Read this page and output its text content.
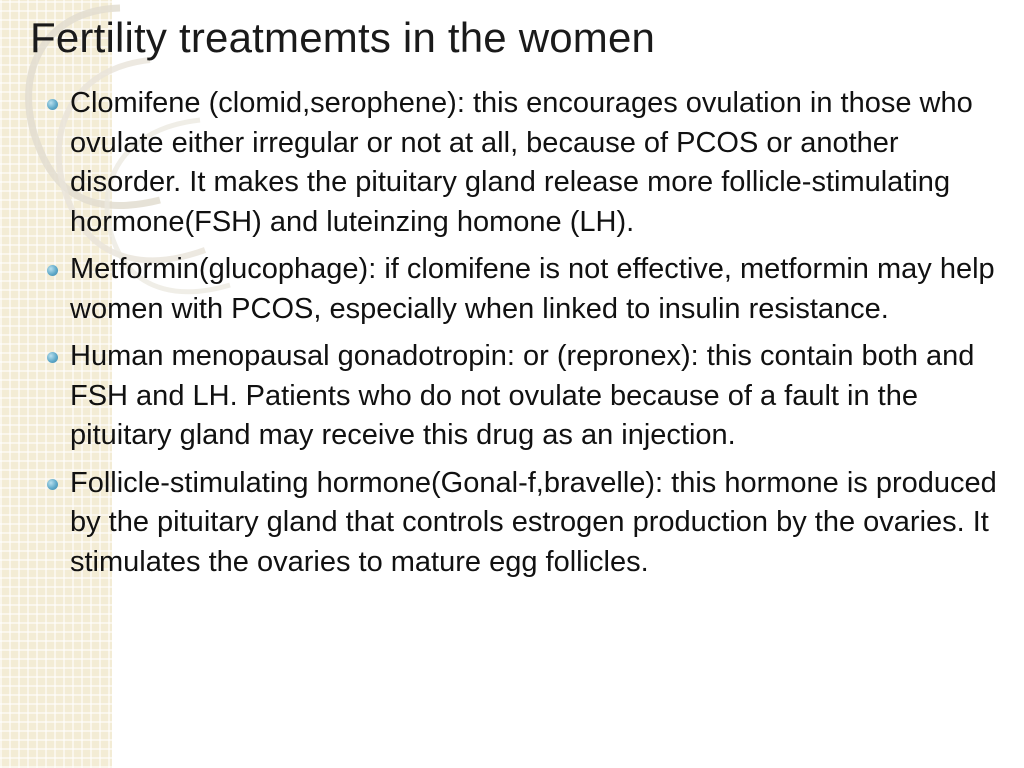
Fertility treatmemts in the women
Clomifene (clomid,serophene): this encourages ovulation in those who ovulate either irregular or not at all, because of PCOS or another disorder. It makes the pituitary gland release more follicle-stimulating hormone(FSH) and luteinzing homone (LH).
Metformin(glucophage): if clomifene is not effective, metformin may help women with PCOS, especially when linked to insulin resistance.
Human menopausal gonadotropin: or (repronex): this contain both and FSH and LH. Patients who do not ovulate because of a fault in the pituitary gland may receive this drug as an injection.
Follicle-stimulating hormone(Gonal-f,bravelle): this hormone is produced by the pituitary gland that controls estrogen production by the ovaries. It stimulates the ovaries to mature egg follicles.
